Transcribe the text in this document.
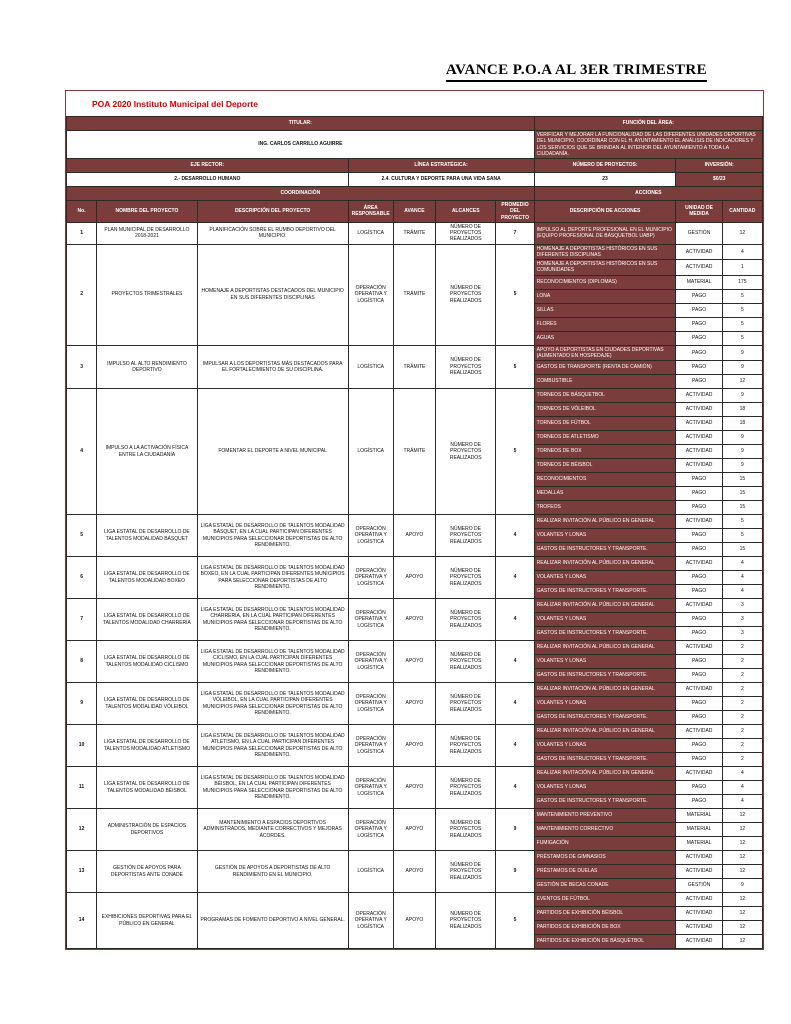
AVANCE P.O.A AL 3ER TRIMESTRE
POA 2020 Instituto Municipal del Deporte
TITULAR:							FUNCIÓN DEL ÁREA:		
ING. CARLOS CARRILLO AGUIRRE							VERIFICAR Y MEJORAR LA FUNCIONALIDAD DE LAS DIFERENTES UNIDADES DEPORTIVAS DEL MUNICIPIO, COORDINAR CON EL H. AYUNTAMIENTO EL ANÁLISIS DE INDICADORES Y LOS SERVICIOS QUE SE BRINDAN AL INTERIOR DEL AYUNTAMIENTO A TODA LA CIUDADANÍA.		
EJE RECTOR:			LÍNEA ESTRATÉGICA:				NÚMERO DE PROYECTOS:	INVERSIÓN:	
2.- DESARROLLO HUMANO			2.4. CULTURA Y DEPORTE PARA UNA VIDA SANA				23	$0/23	
COORDINACIÓN							ACCIONES		
No.	NOMBRE DEL PROYECTO	DESCRIPCIÓN DEL PROYECTO	ÁREA RESPONSABLE	AVANCE	ALCANCES	PROMEDIO DEL PROYECTO	DESCRIPCIÓN DE ACCIONES	UNIDAD DE MEDIDA	CANTIDAD
1	PLAN MUNICIPAL DE DESARROLLO 2018-2021	PLANIFICACIÓN SOBRE EL RUMBO DEPORTIVO DEL MUNICIPIO.	LOGÍSTICA	TRÁMITE	NÚMERO DE PROYECTOS REALIZADOS	7	IMPULSO AL DEPORTE PROFESIONAL EN EL MUNICIPIO (EQUIPO PROFESIONAL DE BÁSQUETBOL UABP)	GESTIÓN	12
2	PROYECTOS TRIMESTRALES	HOMENAJE A DEPORTISTAS DESTACADOS DEL MUNICIPIO EN SUS DIFERENTES DISCIPLINAS	OPERACIÓN OPERATIVA Y LOGÍSTICA	TRÁMITE	NÚMERO DE PROYECTOS REALIZADOS	5	HOMENAJE A DEPORTISTAS HISTÓRICOS EN SUS DIFERENTES DISCIPLINAS	ACTIVIDAD	4
							HOMENAJE A DEPORTISTAS HISTÓRICOS EN SUS COMUNIDADES	ACTIVIDAD	1
							RECONOCIMIENTOS (DIPLOMAS)	MATERIAL	175
							LONA	PAGO	5
							SILLAS	PAGO	5
							FLORES	PAGO	5
							AGUAS	PAGO	5
3	IMPULSO AL ALTO RENDIMIENTO DEPORTIVO	IMPULSAR A LOS DEPORTISTAS MÁS DESTACADOS PARA EL FORTALECIMIENTO DE SU DISCIPLINA.	LOGÍSTICA	TRÁMITE	NÚMERO DE PROYECTOS REALIZADOS	5	APOYO A DEPORTISTAS EN CIUDADES DEPORTIVAS (AUMENTADO EN HOSPEDAJE)	PAGO	9
							GASTOS DE TRANSPORTE (RENTA DE CAMIÓN)	PAGO	9
							COMBUSTIBLE	PAGO	12
4	IMPULSO A LA ACTIVACIÓN FÍSICA ENTRE LA CIUDADANÍA	FOMENTAR EL DEPORTE A NIVEL MUNICIPAL	LOGÍSTICA	TRÁMITE	NÚMERO DE PROYECTOS REALIZADOS	5	TORNEOS DE BÁSQUETBOL	ACTIVIDAD	9
							TORNEOS DE VÓLEIBOL	ACTIVIDAD	18
							TORNEOS DE FÚTBOL	ACTIVIDAD	18
							TORNEOS DE ATLETISMO	ACTIVIDAD	9
							TORNEOS DE BOX	ACTIVIDAD	9
							TORNEOS DE BÉISBOL	ACTIVIDAD	9
							RECONOCIMIENTOS	PAGO	15
							MEDALLAS	PAGO	15
							TROFEOS	PAGO	15
5	LIGA ESTATAL DE DESARROLLO DE TALENTOS MODALIDAD BÁSQUET	LIGA ESTATAL DE DESARROLLO DE TALENTOS MODALIDAD BÁSQUET, EN LA CUAL PARTICIPAN DIFERENTES MUNICIPIOS PARA SELECCIONAR DEPORTISTAS DE ALTO RENDIMIENTO.	OPERACIÓN OPERATIVA Y LOGÍSTICA	APOYO	NÚMERO DE PROYECTOS REALIZADOS	4	REALIZAR INVITACIÓN AL PÚBLICO EN GENERAL	ACTIVIDAD	5
							VOLANTES Y LONAS	PAGO	5
							GASTOS DE INSTRUCTORES Y TRANSPORTE.	PAGO	15
6	LIGA ESTATAL DE DESARROLLO DE TALENTOS MODALIDAD BOXEO	LIGA ESTATAL DE DESARROLLO DE TALENTOS MODALIDAD BOXEO, EN LA CUAL PARTICIPAN DIFERENTES MUNICIPIOS PARA SELECCIONAR DEPORTISTAS DE ALTO RENDIMIENTO.	OPERACIÓN OPERATIVA Y LOGÍSTICA	APOYO	NÚMERO DE PROYECTOS REALIZADOS	4	REALIZAR INVITACIÓN AL PÚBLICO EN GENERAL	ACTIVIDAD	4
							VOLANTES Y LONAS	PAGO	4
							GASTOS DE INSTRUCTORES Y TRANSPORTE.	PAGO	4
7	LIGA ESTATAL DE DESARROLLO DE TALENTOS MODALIDAD CHARRERÍA	LIGA ESTATAL DE DESARROLLO DE TALENTOS MODALIDAD CHARRERÍA, EN LA CUAL PARTICIPAN DIFERENTES MUNICIPIOS PARA SELECCIONAR DEPORTISTAS DE ALTO RENDIMIENTO.	OPERACIÓN OPERATIVA Y LOGÍSTICA	APOYO	NÚMERO DE PROYECTOS REALIZADOS	4	REALIZAR INVITACIÓN AL PÚBLICO EN GENERAL	ACTIVIDAD	3
							VOLANTES Y LONAS	PAGO	3
							GASTOS DE INSTRUCTORES Y TRANSPORTE.	PAGO	3
8	LIGA ESTATAL DE DESARROLLO DE TALENTOS MODALIDAD CICLISMO	LIGA ESTATAL DE DESARROLLO DE TALENTOS MODALIDAD CICLISMO, EN LA CUAL PARTICIPAN DIFERENTES MUNICIPIOS PARA SELECCIONAR DEPORTISTAS DE ALTO RENDIMIENTO.	OPERACIÓN OPERATIVA Y LOGÍSTICA	APOYO	NÚMERO DE PROYECTOS REALIZADOS	4	REALIZAR INVITACIÓN AL PÚBLICO EN GENERAL	ACTIVIDAD	2
							VOLANTES Y LONAS	PAGO	2
							GASTOS DE INSTRUCTORES Y TRANSPORTE.	PAGO	2
9	LIGA ESTATAL DE DESARROLLO DE TALENTOS MODALIDAD VÓLEIBOL	LIGA ESTATAL DE DESARROLLO DE TALENTOS MODALIDAD VÓLEIBOL, EN LA CUAL PARTICIPAN DIFERENTES MUNICIPIOS PARA SELECCIONAR DEPORTISTAS DE ALTO RENDIMIENTO.	OPERACIÓN OPERATIVA Y LOGÍSTICA	APOYO	NÚMERO DE PROYECTOS REALIZADOS	4	REALIZAR INVITACIÓN AL PÚBLICO EN GENERAL	ACTIVIDAD	2
							VOLANTES Y LONAS	PAGO	2
							GASTOS DE INSTRUCTORES Y TRANSPORTE.	PAGO	2
10	LIGA ESTATAL DE DESARROLLO DE TALENTOS MODALIDAD ATLETISMO	LIGA ESTATAL DE DESARROLLO DE TALENTOS MODALIDAD ATLETISMO, EN LA CUAL PARTICIPAN DIFERENTES MUNICIPIOS PARA SELECCIONAR DEPORTISTAS DE ALTO RENDIMIENTO.	OPERACIÓN OPERATIVA Y LOGÍSTICA	APOYO	NÚMERO DE PROYECTOS REALIZADOS	4	REALIZAR INVITACIÓN AL PÚBLICO EN GENERAL	ACTIVIDAD	2
							VOLANTES Y LONAS	PAGO	2
							GASTOS DE INSTRUCTORES Y TRANSPORTE.	PAGO	2
11	LIGA ESTATAL DE DESARROLLO DE TALENTOS MODALIDAD BÉISBOL	LIGA ESTATAL DE DESARROLLO DE TALENTOS MODALIDAD BÉISBOL, EN LA CUAL PARTICIPAN DIFERENTES MUNICIPIOS PARA SELECCIONAR DEPORTISTAS DE ALTO RENDIMIENTO.	OPERACIÓN OPERATIVA Y LOGÍSTICA	APOYO	NÚMERO DE PROYECTOS REALIZADOS	4	REALIZAR INVITACIÓN AL PÚBLICO EN GENERAL	ACTIVIDAD	4
							VOLANTES Y LONAS	PAGO	4
							GASTOS DE INSTRUCTORES Y TRANSPORTE.	PAGO	4
12	ADMINISTRACIÓN DE ESPACIOS DEPORTIVOS	MANTENIMIENTO A ESPACIOS DEPORTIVOS ADMINISTRADOS, MEDIANTE CORRECTIVOS Y MEJORAS ACORDES.	OPERACIÓN OPERATIVA Y LOGÍSTICA	APOYO	NÚMERO DE PROYECTOS REALIZADOS	9	MANTENIMIENTO PREVENTIVO	MATERIAL	12
							MANTENIMIENTO CORRECTIVO	MATERIAL	12
							FUMIGACIÓN	MATERIAL	12
13	GESTIÓN DE APOYOS PARA DEPORTISTAS ANTE CONADE	GESTIÓN DE APOYOS A DEPORTISTAS DE ALTO RENDIMIENTO EN EL MUNICIPIO.	LOGÍSTICA	APOYO	NÚMERO DE PROYECTOS REALIZADOS	9	PRÉSTAMOS DE GIMNASIOS	ACTIVIDAD	12
							PRÉSTAMOS DE DUELAS	ACTIVIDAD	12
							GESTIÓN DE BECAS CONADE	GESTIÓN	9
14	EXHIBICIONES DEPORTIVAS PARA EL PÚBLICO EN GENERAL	PROGRAMAS DE FOMENTO DEPORTIVO A NIVEL GENERAL.	OPERACIÓN OPERATIVA Y LOGÍSTICA	APOYO	NÚMERO DE PROYECTOS REALIZADOS	5	EVENTOS DE FÚTBOL	ACTIVIDAD	12
							PARTIDOS DE EXHIBICIÓN BÉISBOL	ACTIVIDAD	12
							PARTIDOS DE EXHIBICIÓN DE BOX	ACTIVIDAD	12
							PARTIDOS DE EXHIBICIÓN DE BÁSQUETBOL	ACTIVIDAD	12
